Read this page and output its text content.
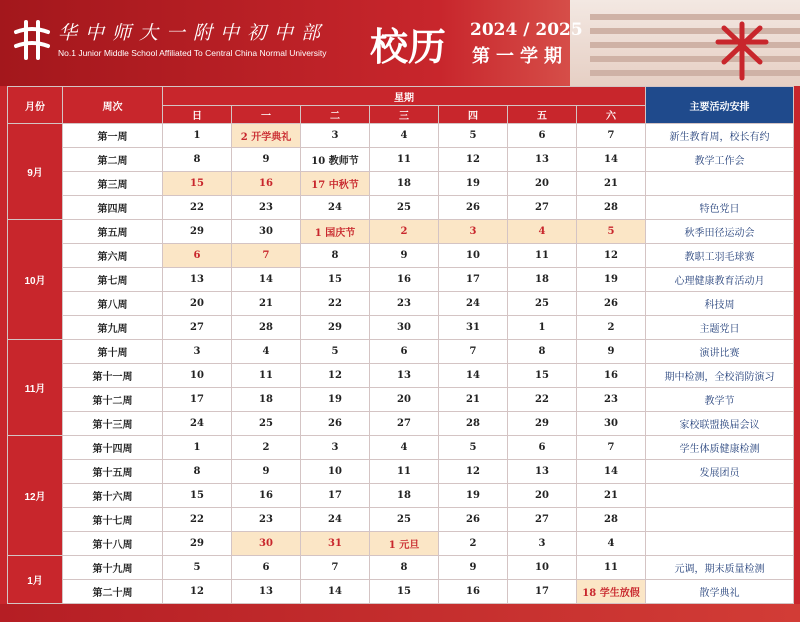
华中师大一附中初中部
No.1 Junior Middle School Affiliated To Central China Normal University 校历 2024 / 2025
第一学期
月份	周次	星期							主要活动安排
		日	一	二	三	四	五	六	
9月	第一周	1	2 开学典礼	3	4	5	6	7	新生教育周，校长有约
	第二周	8	9	10 教师节	11	12	13	14	教学工作会
	第三周	15	16	17 中秋节	18	19	20	21	
	第四周	22	23	24	25	26	27	28	特色党日
10月	第五周	29	30	1 国庆节	2	3	4	5	秋季田径运动会
	第六周	6	7	8	9	10	11	12	教职工羽毛球赛
	第七周	13	14	15	16	17	18	19	心理健康教育活动月
	第八周	20	21	22	23	24	25	26	科技周
	第九周	27	28	29	30	31	1	2	主题党日
11月	第十周	3	4	5	6	7	8	9	演讲比赛
	第十一周	10	11	12	13	14	15	16	期中检测，全校消防演习
	第十二周	17	18	19	20	21	22	23	教学节
	第十三周	24	25	26	27	28	29	30	家校联盟换届会议
12月	第十四周	1	2	3	4	5	6	7	学生体质健康检测
	第十五周	8	9	10	11	12	13	14	发展团员
	第十六周	15	16	17	18	19	20	21	
	第十七周	22	23	24	25	26	27	28	
	第十八周	29	30	31	1 元旦	2	3	4	
1月	第十九周	5	6	7	8	9	10	11	元调，期末质量检测
	第二十周	12	13	14	15	16	17	18 学生放假	散学典礼
